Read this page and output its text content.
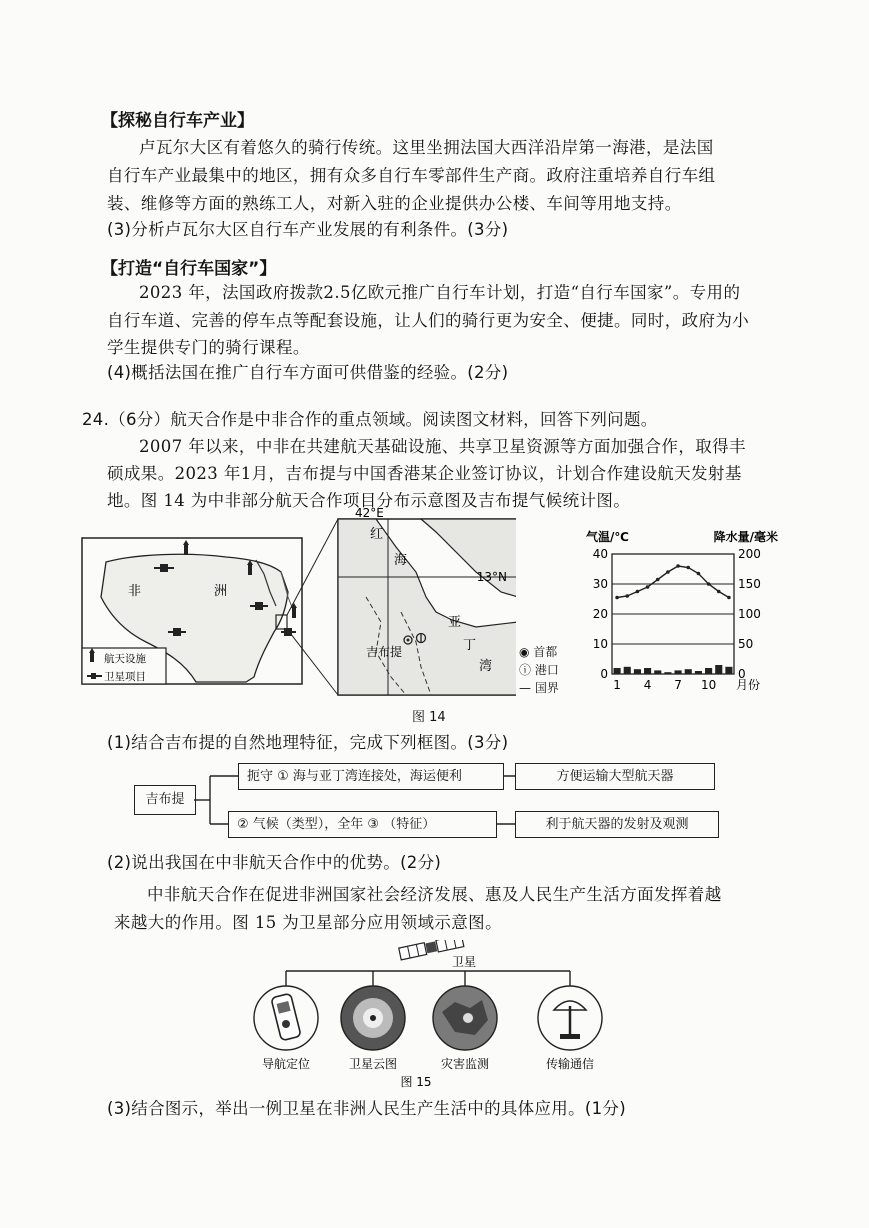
【探秘自行车产业】
卢瓦尔大区有着悠久的骑行传统。这里坐拥法国大西洋沿岸第一海港，是法国
自行车产业最集中的地区，拥有众多自行车零部件生产商。政府注重培养自行车组
装、维修等方面的熟练工人，对新入驻的企业提供办公楼、车间等用地支持。
(3)分析卢瓦尔大区自行车产业发展的有利条件。(3分)
【打造“自行车国家”】
2023 年，法国政府拨款2.5亿欧元推广自行车计划，打造“自行车国家”。专用的
自行车道、完善的停车点等配套设施，让人们的骑行更为安全、便捷。同时，政府为小
学生提供专门的骑行课程。
(4)概括法国在推广自行车方面可供借鉴的经验。(2分)
24.（6分）航天合作是中非合作的重点领域。阅读图文材料，回答下列问题。
2007 年以来，中非在共建航天基础设施、共享卫星资源等方面加强合作，取得丰
硕成果。2023 年1月，吉布提与中国香港某企业签订协议，计划合作建设航天发射基
地。图 14 为中非部分航天合作项目分布示意图及吉布提气候统计图。
非	洲
航天设施
卫星项目
42°E
13°N
红
海
亚
丁
湾
吉布提	◉ 首都
ⓘ 港口
— 国界
气温/℃	降水量/毫米
0
10
20
30
40
0
50
100
150
200
1 4 7 10 月份
图 14
(1)结合吉布提的自然地理特征，完成下列框图。(3分)
吉布提
扼守 ① 海与亚丁湾连接处，海运便利	方便运输大型航天器
② 气候（类型），全年 ③ （特征）	利于航天器的发射及观测
(2)说出我国在中非航天合作中的优势。(2分)
中非航天合作在促进非洲国家社会经济发展、惠及人民生产生活方面发挥着越
来越大的作用。图 15 为卫星部分应用领域示意图。
卫星
导航定位	卫星云图	灾害监测	传输通信
图 15
(3)结合图示，举出一例卫星在非洲人民生产生活中的具体应用。(1分)
